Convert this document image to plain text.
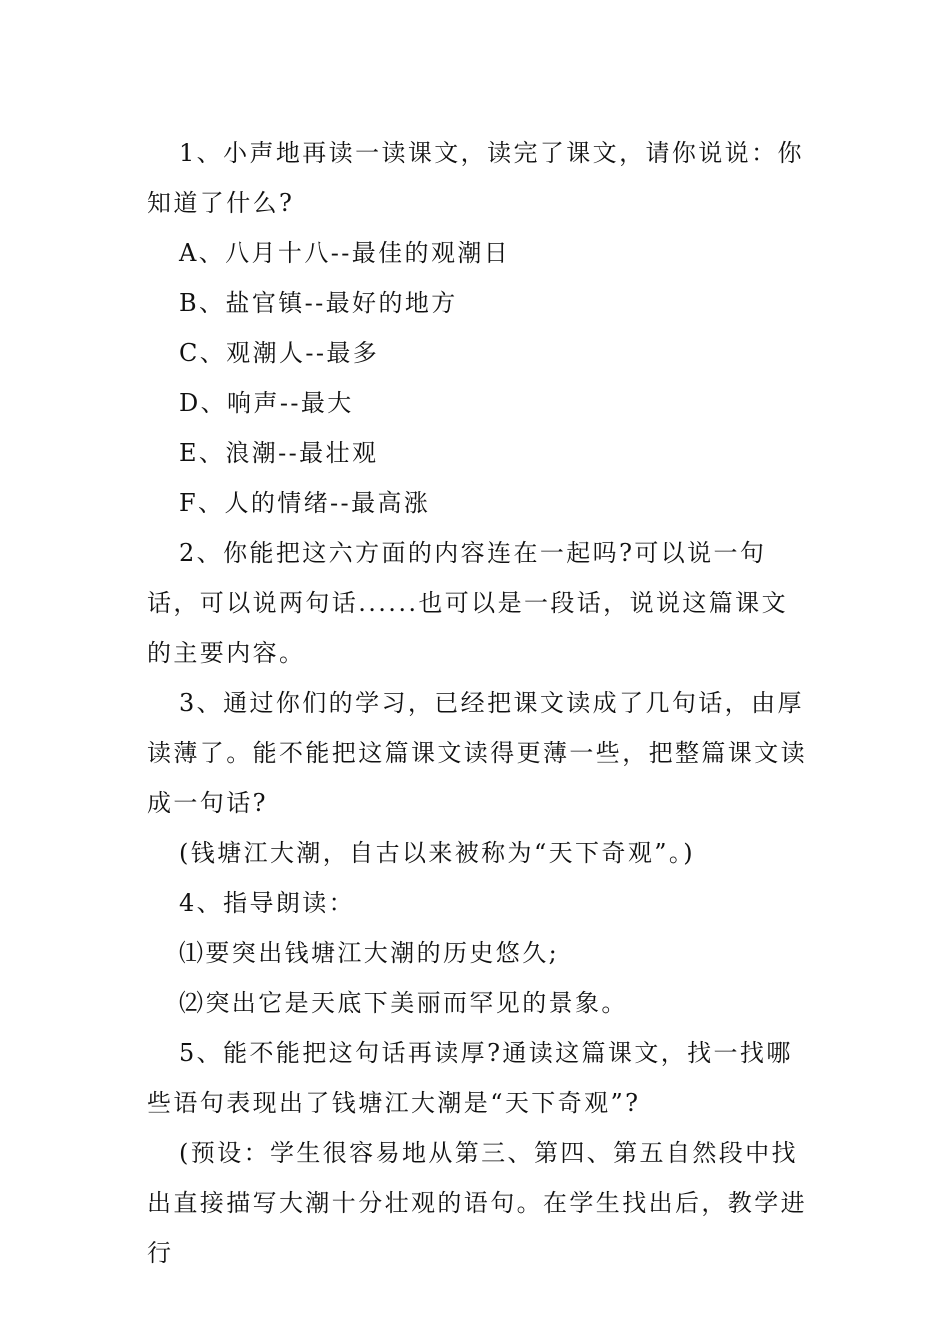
1、小声地再读一读课文，读完了课文，请你说说：你知道了什么?

A、八月十八--最佳的观潮日

B、盐官镇--最好的地方

C、观潮人--最多

D、响声--最大

E、浪潮--最壮观

F、人的情绪--最高涨

2、你能把这六方面的内容连在一起吗?可以说一句话，可以说两句话......也可以是一段话，说说这篇课文的主要内容。

3、通过你们的学习，已经把课文读成了几句话，由厚读薄了。能不能把这篇课文读得更薄一些，把整篇课文读成一句话?

(钱塘江大潮，自古以来被称为“天下奇观”。)

4、指导朗读：

⑴要突出钱塘江大潮的历史悠久;

⑵突出它是天底下美丽而罕见的景象。

5、能不能把这句话再读厚?通读这篇课文，找一找哪些语句表现出了钱塘江大潮是“天下奇观”?

(预设：学生很容易地从第三、第四、第五自然段中找出直接描写大潮十分壮观的语句。在学生找出后，教学进行
